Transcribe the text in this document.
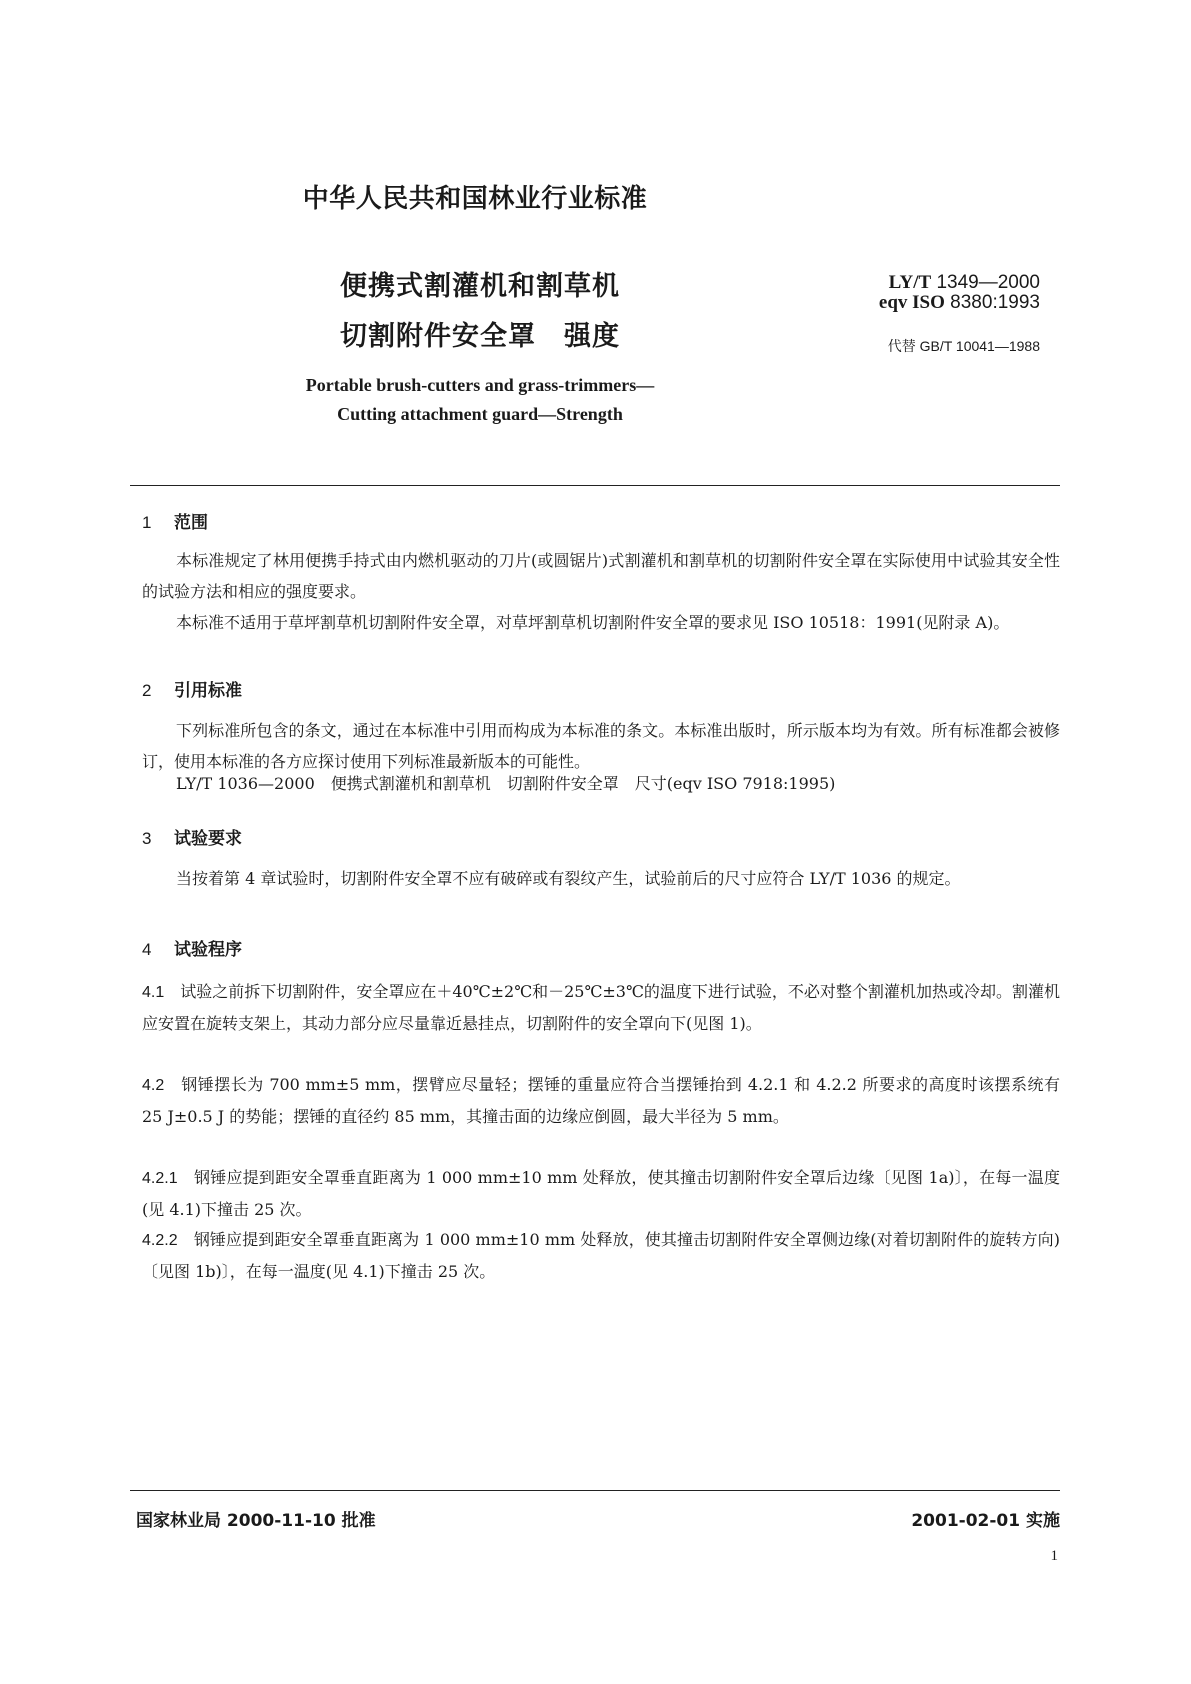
中华人民共和国林业行业标准
便携式割灌机和割草机
切割附件安全罩　强度
LY/T 1349—2000
eqv ISO 8380:1993
代替 GB/T 10041—1988
Portable brush-cutters and grass-trimmers—
Cutting attachment guard—Strength
1 范围
本标准规定了林用便携手持式由内燃机驱动的刀片(或圆锯片)式割灌机和割草机的切割附件安全罩在实际使用中试验其安全性的试验方法和相应的强度要求。
本标准不适用于草坪割草机切割附件安全罩，对草坪割草机切割附件安全罩的要求见 ISO 10518：1991(见附录 A)。
2 引用标准
下列标准所包含的条文，通过在本标准中引用而构成为本标准的条文。本标准出版时，所示版本均为有效。所有标准都会被修订，使用本标准的各方应探讨使用下列标准最新版本的可能性。
LY/T 1036—2000　便携式割灌机和割草机　切割附件安全罩　尺寸(eqv ISO 7918:1995)
3 试验要求
当按着第 4 章试验时，切割附件安全罩不应有破碎或有裂纹产生，试验前后的尺寸应符合 LY/T 1036 的规定。
4 试验程序
4.1　 试验之前拆下切割附件，安全罩应在＋40℃±2℃和－25℃±3℃的温度下进行试验，不必对整个割灌机加热或冷却。割灌机应安置在旋转支架上，其动力部分应尽量靠近悬挂点，切割附件的安全罩向下(见图 1)。
4.2　 钢锤摆长为 700 mm±5 mm，摆臂应尽量轻；摆锤的重量应符合当摆锤抬到 4.2.1 和 4.2.2 所要求的高度时该摆系统有 25 J±0.5 J 的势能；摆锤的直径约 85 mm，其撞击面的边缘应倒圆，最大半径为 5 mm。
4.2.1　 钢锤应提到距安全罩垂直距离为 1 000 mm±10 mm 处释放，使其撞击切割附件安全罩后边缘〔见图 1a)〕，在每一温度(见 4.1)下撞击 25 次。
4.2.2　 钢锤应提到距安全罩垂直距离为 1 000 mm±10 mm 处释放，使其撞击切割附件安全罩侧边缘(对着切割附件的旋转方向)〔见图 1b)〕，在每一温度(见 4.1)下撞击 25 次。
国家林业局 2000-11-10 批准	2001-02-01 实施
1
